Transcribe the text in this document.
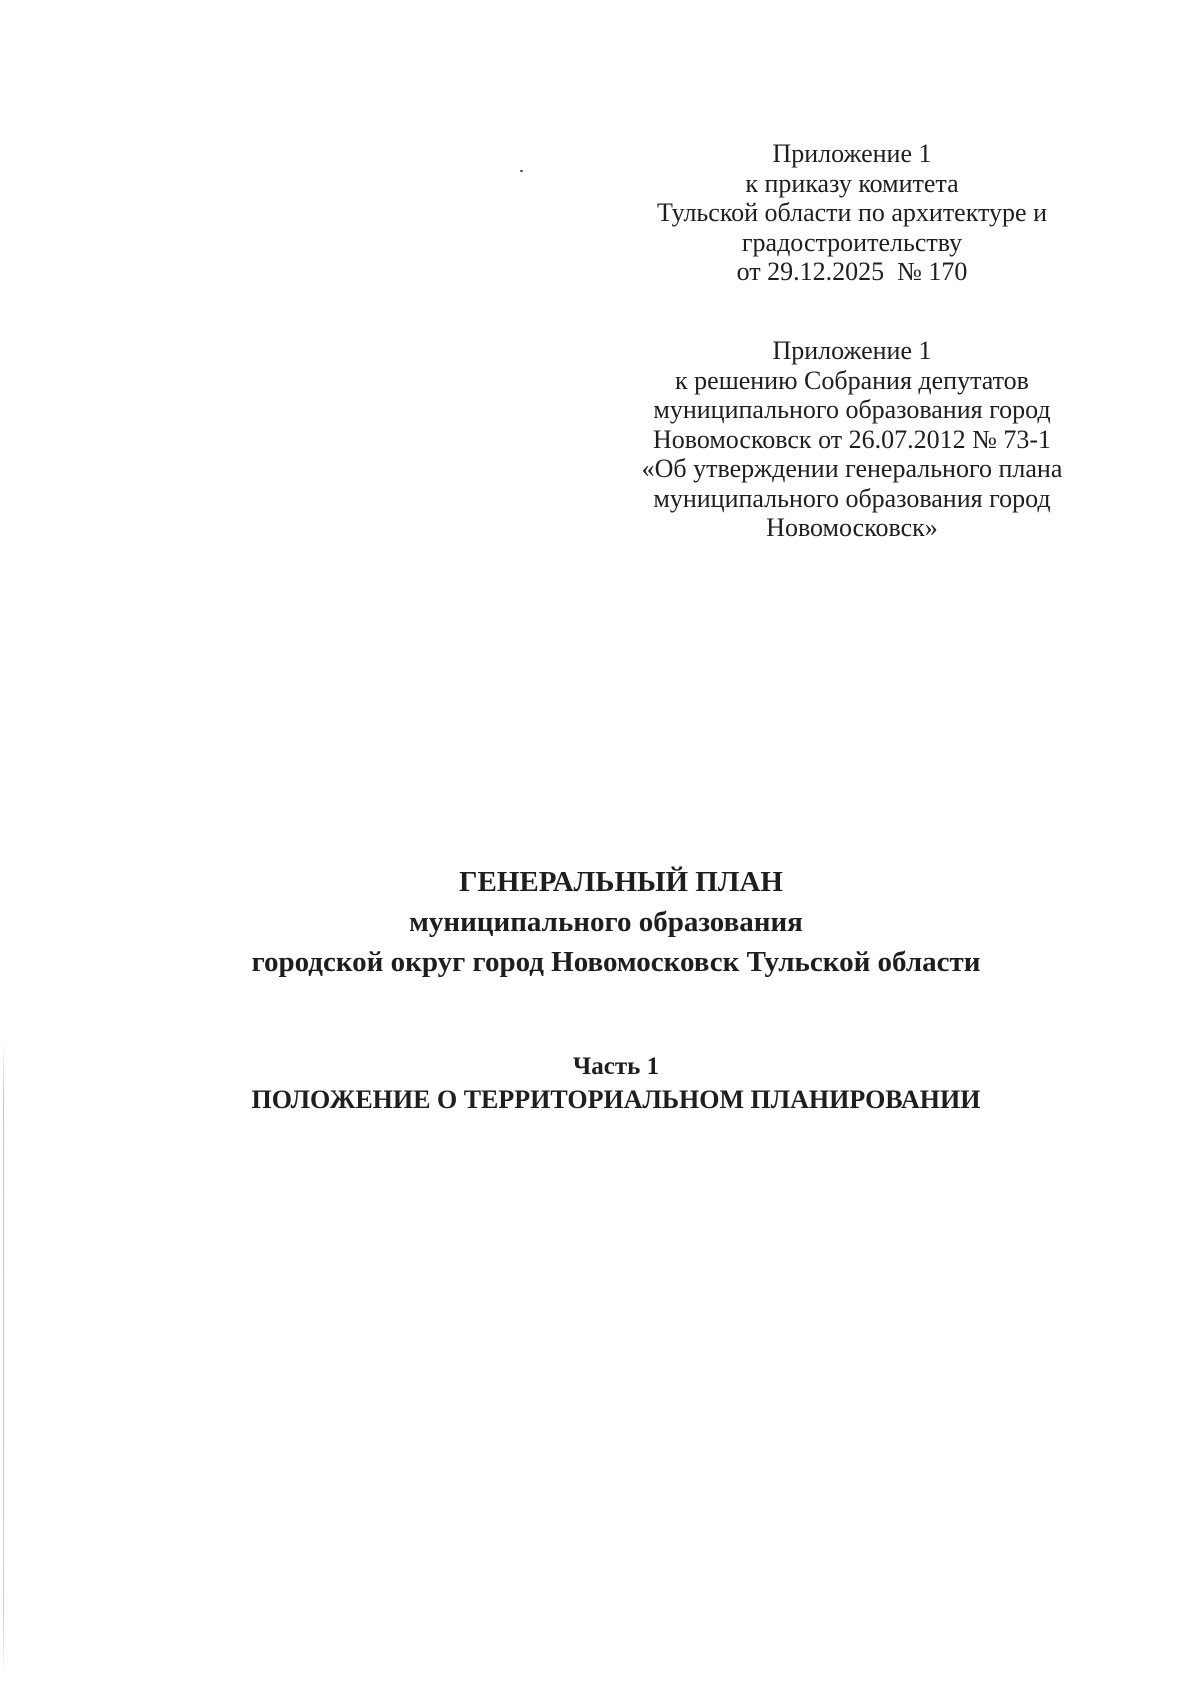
Приложение 1
к приказу комитета
Тульской области по архитектуре и
градостроительству
от 29.12.2025  № 170
Приложение 1
к решению Собрания депутатов
муниципального образования город
Новомосковск от 26.07.2012 № 73-1
«Об утверждении генерального плана
муниципального образования город
Новомосковск»
ГЕНЕРАЛЬНЫЙ ПЛАН
муниципального образования
городской округ город Новомосковск Тульской области
Часть 1
ПОЛОЖЕНИЕ О ТЕРРИТОРИАЛЬНОМ ПЛАНИРОВАНИИ
